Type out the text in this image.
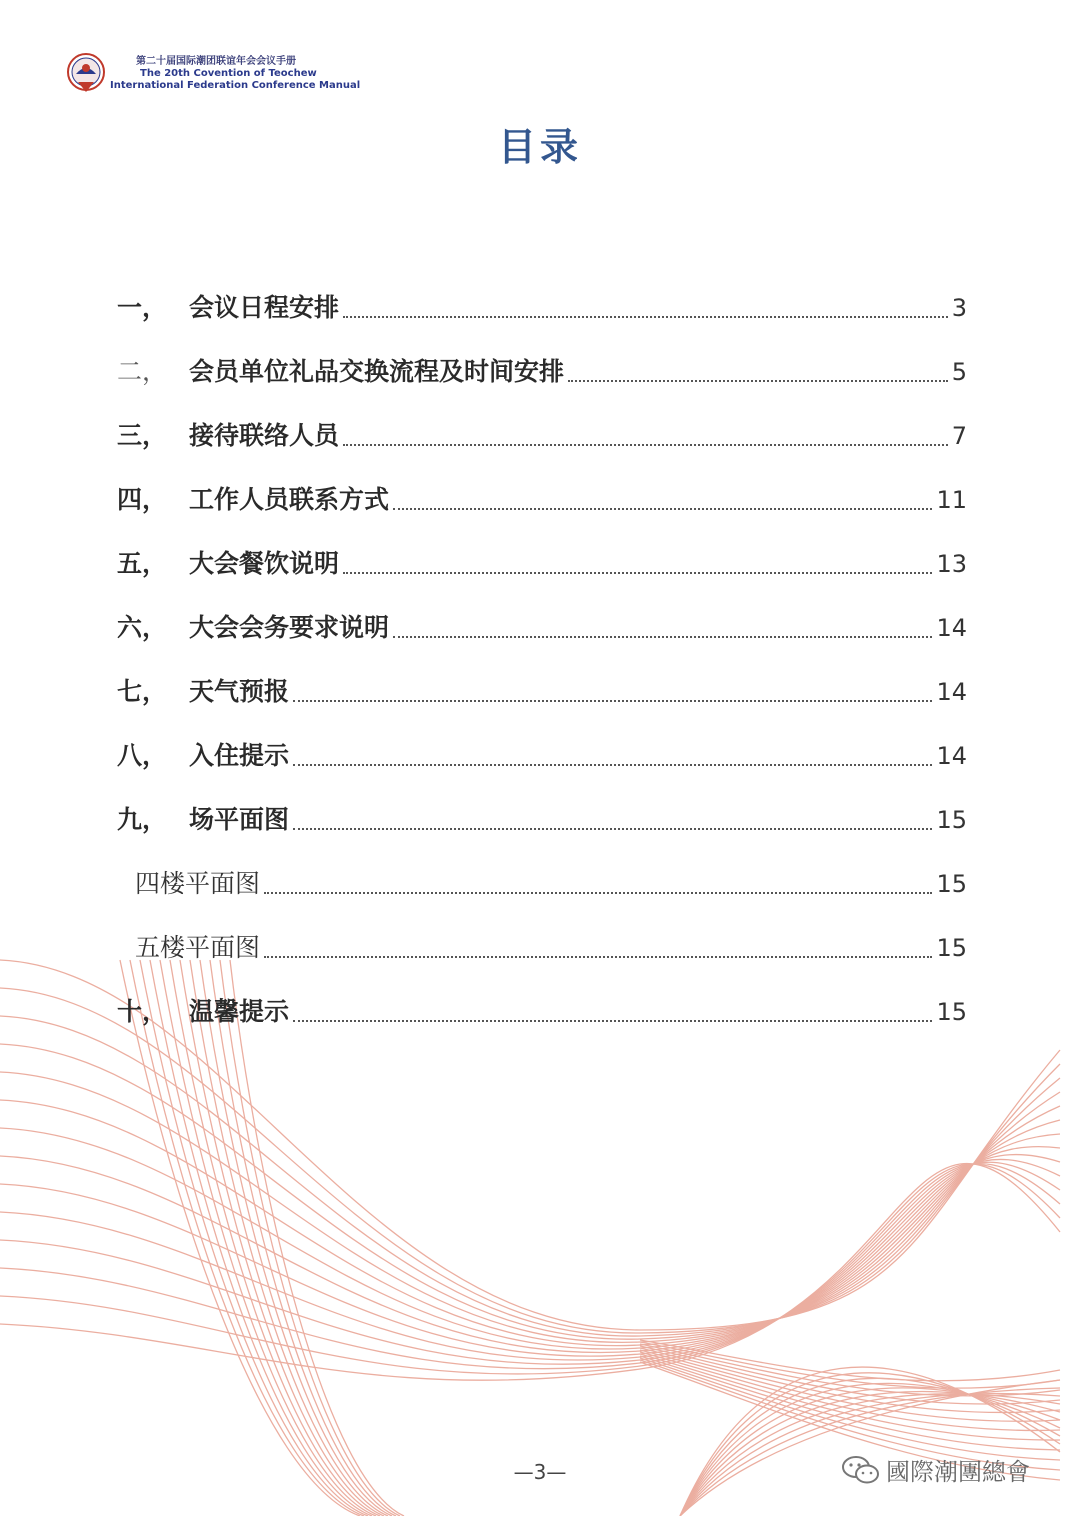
第二十届国际潮团联谊年会会议手册
The 20th Covention of Teochew
International Federation Conference Manual
目录
一， 会议日程安排	3
二， 会员单位礼品交换流程及时间安排	5
三， 接待联络人员	7
四， 工作人员联系方式	11
五， 大会餐饮说明	13
六， 大会会务要求说明	14
七， 天气预报	14
八， 入住提示	14
九， 场平面图	15
四楼平面图	15
五楼平面图	15
十， 温馨提示	15
—3—	國際潮團總會
